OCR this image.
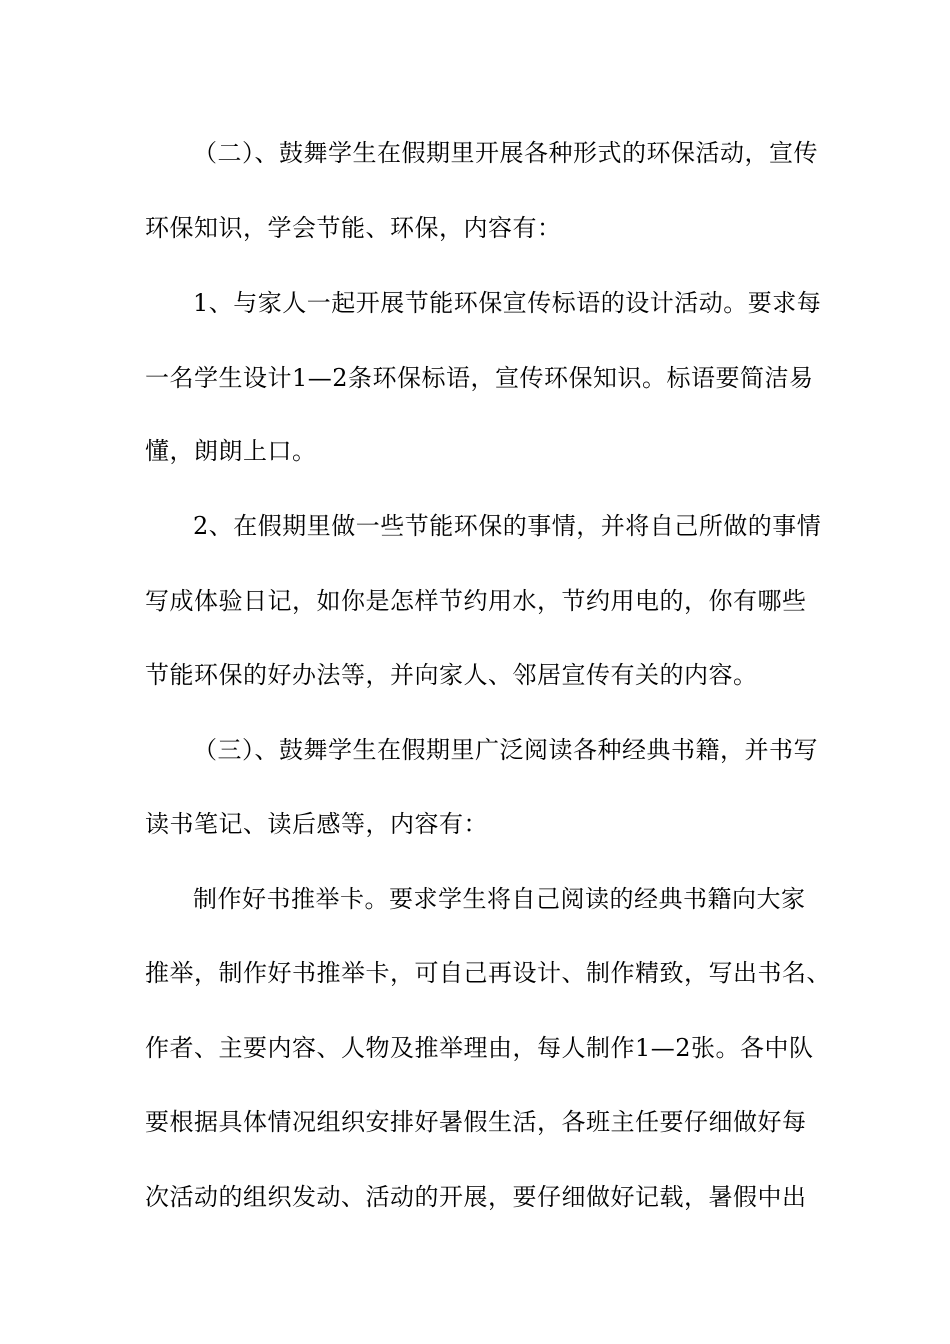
（二）、鼓舞学生在假期里开展各种形式的环保活动，宣传
环保知识，学会节能、环保，内容有：
1、与家人一起开展节能环保宣传标语的设计活动。要求每
一名学生设计1—2条环保标语，宣传环保知识。标语要简洁易
懂，朗朗上口。
2、在假期里做一些节能环保的事情，并将自己所做的事情
写成体验日记，如你是怎样节约用水，节约用电的，你有哪些
节能环保的好办法等，并向家人、邻居宣传有关的内容。
（三）、鼓舞学生在假期里广泛阅读各种经典书籍，并书写
读书笔记、读后感等，内容有：
制作好书推举卡。要求学生将自己阅读的经典书籍向大家
推举，制作好书推举卡，可自己再设计、制作精致，写出书名、
作者、主要内容、人物及推举理由，每人制作1—2张。各中队
要根据具体情况组织安排好暑假生活，各班主任要仔细做好每
次活动的组织发动、活动的开展，要仔细做好记载，暑假中出
